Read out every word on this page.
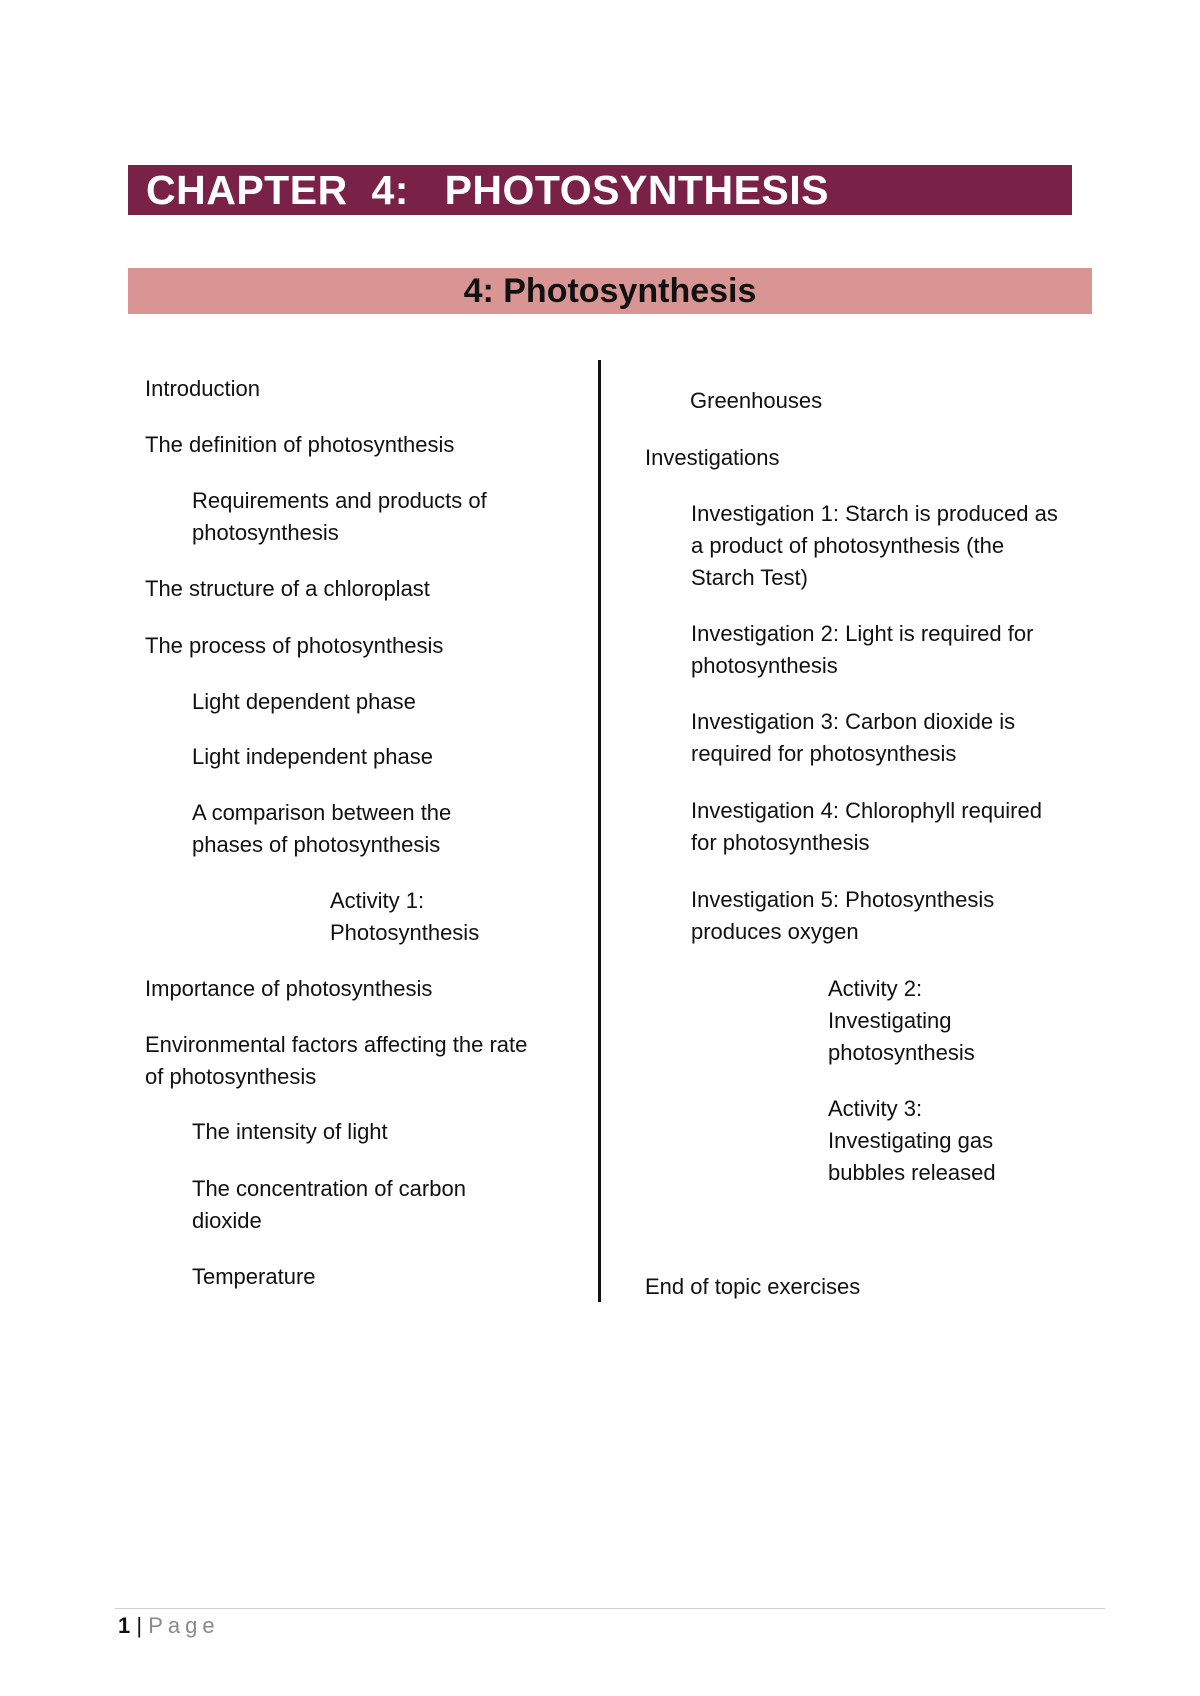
CHAPTER  4:   PHOTOSYNTHESIS
4: Photosynthesis

Introduction

The definition of photosynthesis

Requirements and products of photosynthesis

The structure of a chloroplast

The process of photosynthesis

Light dependent phase

Light independent phase

A comparison between the phases of photosynthesis

Activity 1: Photosynthesis

Importance of photosynthesis

Environmental factors affecting the rate of photosynthesis

The intensity of light

The concentration of carbon dioxide

Temperature

Greenhouses

Investigations

Investigation 1: Starch is produced as a product of photosynthesis (the Starch Test)

Investigation 2: Light is required for photosynthesis

Investigation 3: Carbon dioxide is required for photosynthesis

Investigation 4: Chlorophyll required for photosynthesis

Investigation 5: Photosynthesis produces oxygen

Activity 2: Investigating photosynthesis

Activity 3: Investigating gas bubbles released

End of topic exercises

1 | Page
